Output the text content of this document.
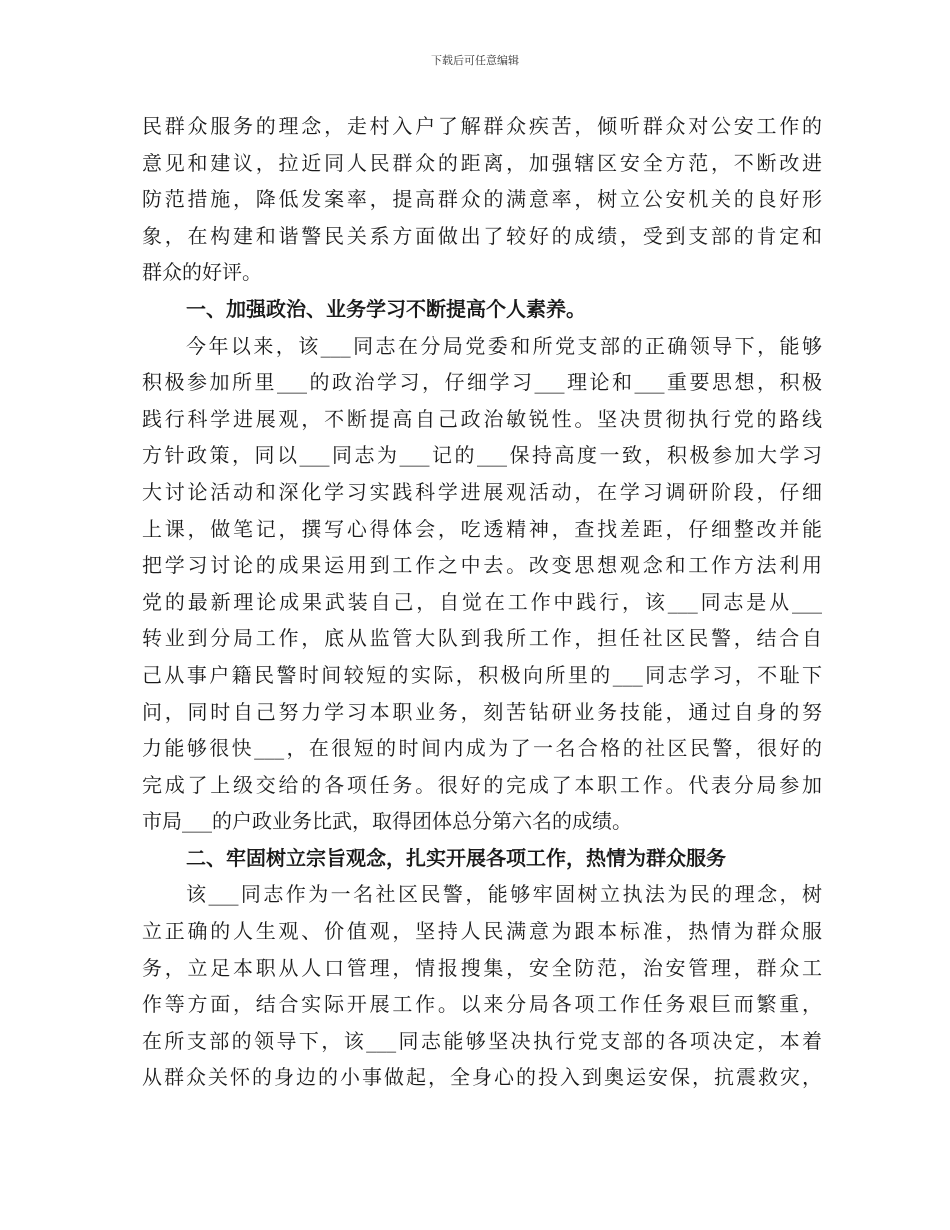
下载后可任意编辑
民群众服务的理念，走村入户了解群众疾苦，倾听群众对公安工作的
意见和建议，拉近同人民群众的距离，加强辖区安全方范，不断改进
防范措施，降低发案率，提高群众的满意率，树立公安机关的良好形
象，在构建和谐警民关系方面做出了较好的成绩，受到支部的肯定和
群众的好评。
一、加强政治、业务学习不断提高个人素养。
今年以来，该___同志在分局党委和所党支部的正确领导下，能够
积极参加所里___的政治学习，仔细学习___理论和___重要思想，积极
践行科学进展观，不断提高自己政治敏锐性。坚决贯彻执行党的路线
方针政策，同以___同志为___记的___保持高度一致，积极参加大学习
大讨论活动和深化学习实践科学进展观活动，在学习调研阶段，仔细
上课，做笔记，撰写心得体会，吃透精神，查找差距，仔细整改并能
把学习讨论的成果运用到工作之中去。改变思想观念和工作方法利用
党的最新理论成果武装自己，自觉在工作中践行，该___同志是从___
转业到分局工作，底从监管大队到我所工作，担任社区民警，结合自
己从事户籍民警时间较短的实际，积极向所里的___同志学习，不耻下
问，同时自己努力学习本职业务，刻苦钻研业务技能，通过自身的努
力能够很快___，在很短的时间内成为了一名合格的社区民警，很好的
完成了上级交给的各项任务。很好的完成了本职工作。代表分局参加
市局___的户政业务比武，取得团体总分第六名的成绩。
二、牢固树立宗旨观念，扎实开展各项工作，热情为群众服务
该___同志作为一名社区民警，能够牢固树立执法为民的理念，树
立正确的人生观、价值观，坚持人民满意为跟本标准，热情为群众服
务，立足本职从人口管理，情报搜集，安全防范，治安管理，群众工
作等方面，结合实际开展工作。以来分局各项工作任务艰巨而繁重，
在所支部的领导下，该___同志能够坚决执行党支部的各项决定，本着
从群众关怀的身边的小事做起，全身心的投入到奥运安保，抗震救灾，
